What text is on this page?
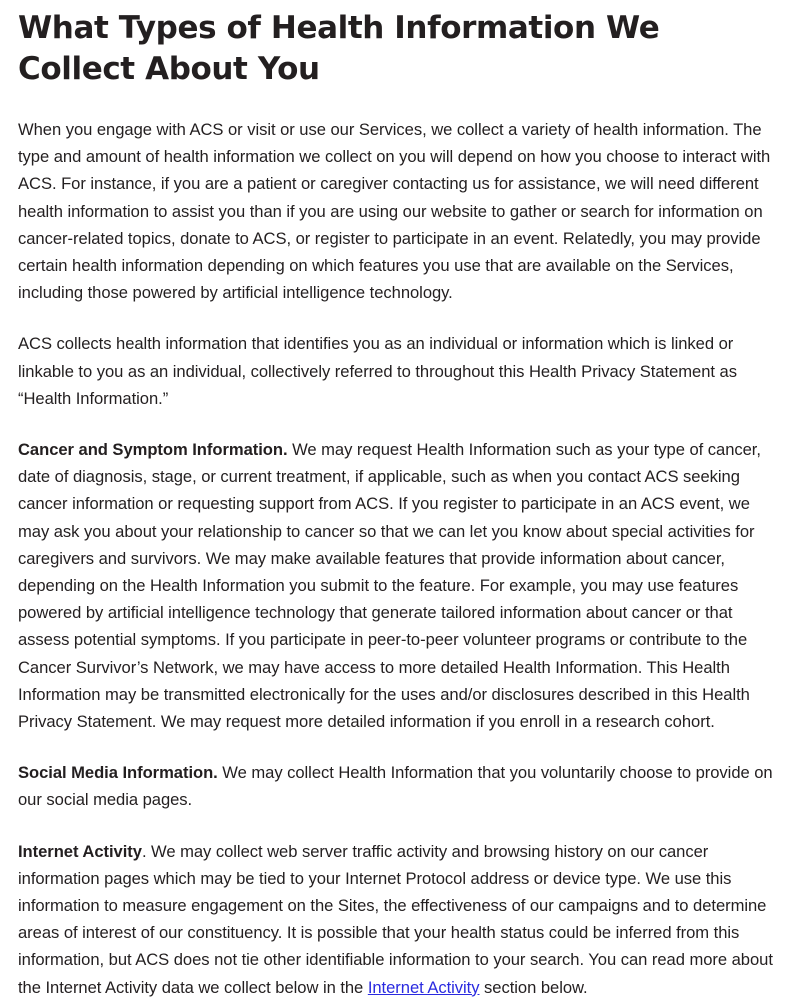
What Types of Health Information We Collect About You

When you engage with ACS or visit or use our Services, we collect a variety of health information. The type and amount of health information we collect on you will depend on how you choose to interact with ACS. For instance, if you are a patient or caregiver contacting us for assistance, we will need different health information to assist you than if you are using our website to gather or search for information on cancer-related topics, donate to ACS, or register to participate in an event. Relatedly, you may provide certain health information depending on which features you use that are available on the Services, including those powered by artificial intelligence technology.

ACS collects health information that identifies you as an individual or information which is linked or linkable to you as an individual, collectively referred to throughout this Health Privacy Statement as “Health Information.”

Cancer and Symptom Information. We may request Health Information such as your type of cancer, date of diagnosis, stage, or current treatment, if applicable, such as when you contact ACS seeking cancer information or requesting support from ACS. If you register to participate in an ACS event, we may ask you about your relationship to cancer so that we can let you know about special activities for caregivers and survivors. We may make available features that provide information about cancer, depending on the Health Information you submit to the feature. For example, you may use features powered by artificial intelligence technology that generate tailored information about cancer or that assess potential symptoms. If you participate in peer-to-peer volunteer programs or contribute to the Cancer Survivor’s Network, we may have access to more detailed Health Information. This Health Information may be transmitted electronically for the uses and/or disclosures described in this Health Privacy Statement. We may request more detailed information if you enroll in a research cohort.

Social Media Information. We may collect Health Information that you voluntarily choose to provide on our social media pages.

Internet Activity. We may collect web server traffic activity and browsing history on our cancer information pages which may be tied to your Internet Protocol address or device type. We use this information to measure engagement on the Sites, the effectiveness of our campaigns and to determine areas of interest of our constituency. It is possible that your health status could be inferred from this information, but ACS does not tie other identifiable information to your search. You can read more about the Internet Activity data we collect below in the Internet Activity section below.
